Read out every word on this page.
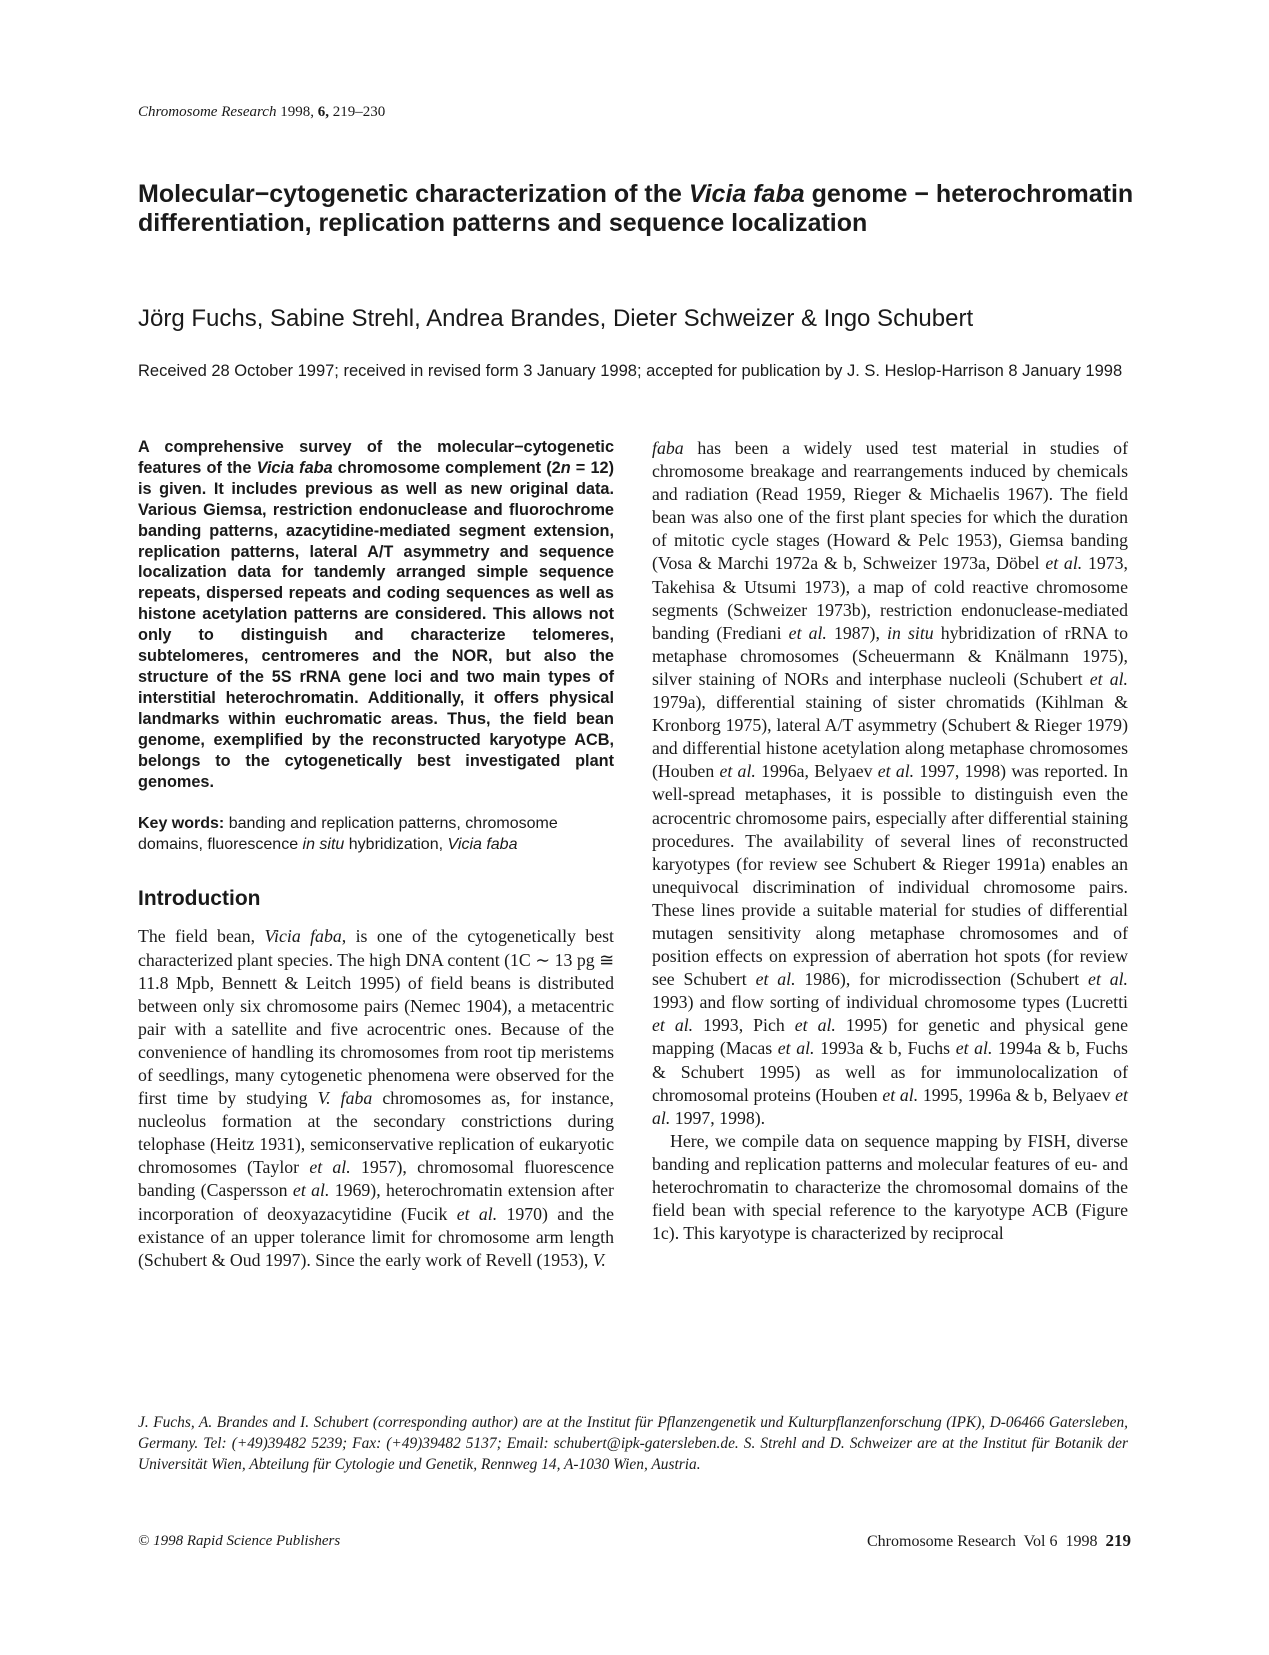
Chromosome Research 1998, 6, 219–230
Molecular−cytogenetic characterization of the Vicia faba genome − heterochromatin differentiation, replication patterns and sequence localization
Jörg Fuchs, Sabine Strehl, Andrea Brandes, Dieter Schweizer & Ingo Schubert
Received 28 October 1997; received in revised form 3 January 1998; accepted for publication by J. S. Heslop-Harrison 8 January 1998

A comprehensive survey of the molecular−cytogenetic features of the Vicia faba chromosome complement (2n = 12) is given. It includes previous as well as new original data. Various Giemsa, restriction endonuclease and fluorochrome banding patterns, azacytidine-mediated segment extension, replication patterns, lateral A/T asymmetry and sequence localization data for tandemly arranged simple sequence repeats, dispersed repeats and coding sequences as well as histone acetylation patterns are considered. This allows not only to distinguish and characterize telomeres, subtelomeres, centromeres and the NOR, but also the structure of the 5S rRNA gene loci and two main types of interstitial heterochromatin. Additionally, it offers physical landmarks within euchromatic areas. Thus, the field bean genome, exemplified by the reconstructed karyotype ACB, belongs to the cytogenetically best investigated plant genomes.

Key words: banding and replication patterns, chromosome domains, fluorescence in situ hybridization, Vicia faba

Introduction

The field bean, Vicia faba, is one of the cytogenetically best characterized plant species. The high DNA content (1C ∼ 13 pg ≅ 11.8 Mpb, Bennett & Leitch 1995) of field beans is distributed between only six chromosome pairs (Nemec 1904), a metacentric pair with a satellite and five acrocentric ones. Because of the convenience of handling its chromosomes from root tip meristems of seedlings, many cytogenetic phenomena were observed for the first time by studying V. faba chromosomes as, for instance, nucleolus formation at the secondary constrictions during telophase (Heitz 1931), semiconservative replication of eukaryotic chromosomes (Taylor et al. 1957), chromosomal fluorescence banding (Caspersson et al. 1969), heterochromatin extension after incorporation of deoxyazacytidine (Fucik et al. 1970) and the existance of an upper tolerance limit for chromosome arm length (Schubert & Oud 1997). Since the early work of Revell (1953), V.

faba has been a widely used test material in studies of chromosome breakage and rearrangements induced by chemicals and radiation (Read 1959, Rieger & Michaelis 1967). The field bean was also one of the first plant species for which the duration of mitotic cycle stages (Howard & Pelc 1953), Giemsa banding (Vosa & Marchi 1972a & b, Schweizer 1973a, Döbel et al. 1973, Takehisa & Utsumi 1973), a map of cold reactive chromosome segments (Schweizer 1973b), restriction endonuclease-mediated banding (Frediani et al. 1987), in situ hybridization of rRNA to metaphase chromosomes (Scheuermann & Knälmann 1975), silver staining of NORs and interphase nucleoli (Schubert et al. 1979a), differential staining of sister chromatids (Kihlman & Kronborg 1975), lateral A/T asymmetry (Schubert & Rieger 1979) and differential histone acetylation along metaphase chromosomes (Houben et al. 1996a, Belyaev et al. 1997, 1998) was reported. In well-spread metaphases, it is possible to distinguish even the acrocentric chromosome pairs, especially after differential staining procedures. The availability of several lines of reconstructed karyotypes (for review see Schubert & Rieger 1991a) enables an unequivocal discrimination of individual chromosome pairs. These lines provide a suitable material for studies of differential mutagen sensitivity along metaphase chromosomes and of position effects on expression of aberration hot spots (for review see Schubert et al. 1986), for microdissection (Schubert et al. 1993) and flow sorting of individual chromosome types (Lucretti et al. 1993, Pich et al. 1995) for genetic and physical gene mapping (Macas et al. 1993a & b, Fuchs et al. 1994a & b, Fuchs & Schubert 1995) as well as for immunolocalization of chromosomal proteins (Houben et al. 1995, 1996a & b, Belyaev et al. 1997, 1998).

Here, we compile data on sequence mapping by FISH, diverse banding and replication patterns and molecular features of eu- and heterochromatin to characterize the chromosomal domains of the field bean with special reference to the karyotype ACB (Figure 1c). This karyotype is characterized by reciprocal

J. Fuchs, A. Brandes and I. Schubert (corresponding author) are at the Institut für Pflanzengenetik und Kulturpflanzenforschung (IPK), D-06466 Gatersleben, Germany. Tel: (+49)39482 5239; Fax: (+49)39482 5137; Email: schubert@ipk-gatersleben.de. S. Strehl and D. Schweizer are at the Institut für Botanik der Universität Wien, Abteilung für Cytologie und Genetik, Rennweg 14, A-1030 Wien, Austria.
© 1998 Rapid Science Publishers	Chromosome Research  Vol 6  1998 219
